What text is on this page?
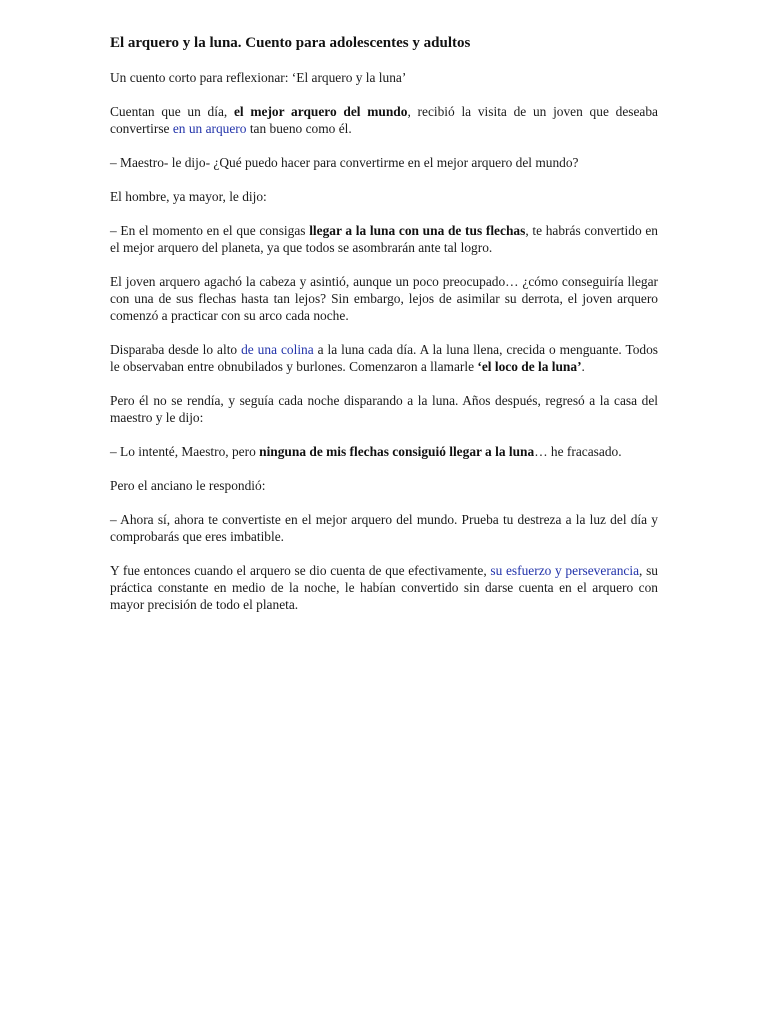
El arquero y la luna. Cuento para adolescentes y adultos

Un cuento corto para reflexionar: ‘El arquero y la luna’

Cuentan que un día, el mejor arquero del mundo, recibió la visita de un joven que deseaba convertirse en un arquero tan bueno como él.

– Maestro- le dijo- ¿Qué puedo hacer para convertirme en el mejor arquero del mundo?

El hombre, ya mayor, le dijo:

– En el momento en el que consigas llegar a la luna con una de tus flechas, te habrás convertido en el mejor arquero del planeta, ya que todos se asombrarán ante tal logro.

El joven arquero agachó la cabeza y asintió, aunque un poco preocupado… ¿cómo conseguiría llegar con una de sus flechas hasta tan lejos? Sin embargo, lejos de asimilar su derrota, el joven arquero comenzó a practicar con su arco cada noche.

Disparaba desde lo alto de una colina a la luna cada día. A la luna llena, crecida o menguante. Todos le observaban entre obnubilados y burlones. Comenzaron a llamarle ‘el loco de la luna’.

Pero él no se rendía, y seguía cada noche disparando a la luna. Años después, regresó a la casa del maestro y le dijo:

– Lo intenté, Maestro, pero ninguna de mis flechas consiguió llegar a la luna… he fracasado.

Pero el anciano le respondió:

– Ahora sí, ahora te convertiste en el mejor arquero del mundo. Prueba tu destreza a la luz del día y comprobarás que eres imbatible.

Y fue entonces cuando el arquero se dio cuenta de que efectivamente, su esfuerzo y perseverancia, su práctica constante en medio de la noche, le habían convertido sin darse cuenta en el arquero con mayor precisión de todo el planeta.
